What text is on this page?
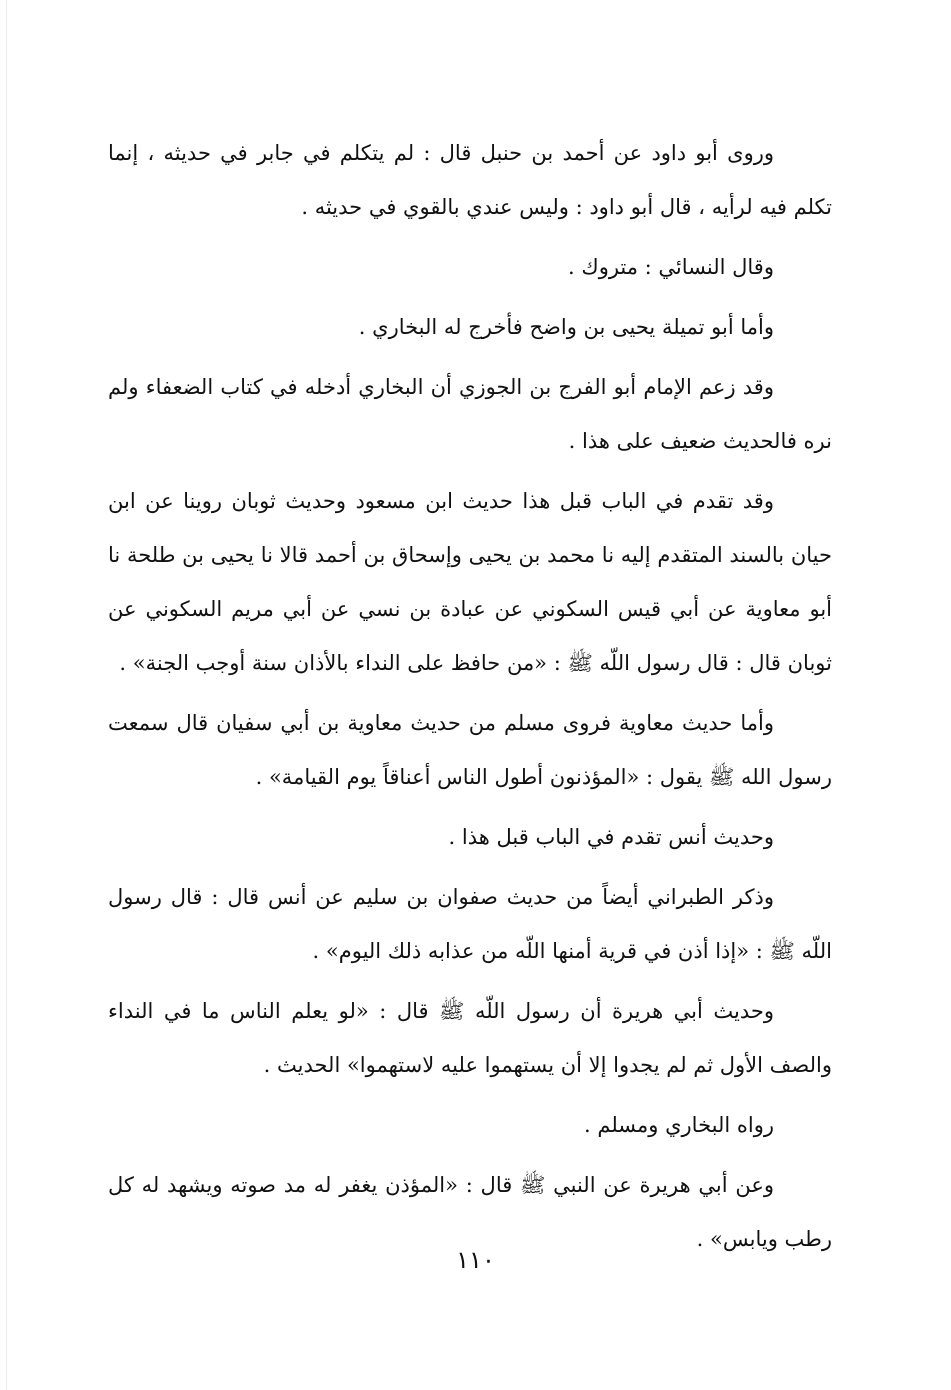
وروى أبو داود عن أحمد بن حنبل قال : لم يتكلم في جابر في حديثه ، إنما تكلم فيه لرأيه ، قال أبو داود : وليس عندي بالقوي في حديثه .

وقال النسائي : متروك .

وأما أبو تميلة يحيى بن واضح فأخرج له البخاري .

وقد زعم الإمام أبو الفرج بن الجوزي أن البخاري أدخله في كتاب الضعفاء ولم نره فالحديث ضعيف على هذا .

وقد تقدم في الباب قبل هذا حديث ابن مسعود وحديث ثوبان روينا عن ابن حيان بالسند المتقدم إليه نا محمد بن يحيى وإسحاق بن أحمد قالا نا يحيى بن طلحة نا أبو معاوية عن أبي قيس السكوني عن عبادة بن نسي عن أبي مريم السكوني عن ثوبان قال : قال رسول اللّه ﷺ : «من حافظ على النداء بالأذان سنة أوجب الجنة» .

وأما حديث معاوية فروى مسلم من حديث معاوية بن أبي سفيان قال سمعت رسول الله ﷺ يقول : «المؤذنون أطول الناس أعناقاً يوم القيامة» .

وحديث أنس تقدم في الباب قبل هذا .

وذكر الطبراني أيضاً من حديث صفوان بن سليم عن أنس قال : قال رسول اللّه ﷺ : «إذا أذن في قرية أمنها اللّه من عذابه ذلك اليوم» .

وحديث أبي هريرة أن رسول اللّه ﷺ قال : «لو يعلم الناس ما في النداء والصف الأول ثم لم يجدوا إلا أن يستهموا عليه لاستهموا» الحديث .

رواه البخاري ومسلم .

وعن أبي هريرة عن النبي ﷺ قال : «المؤذن يغفر له مد صوته ويشهد له كل رطب ويابس» .

١١٠
